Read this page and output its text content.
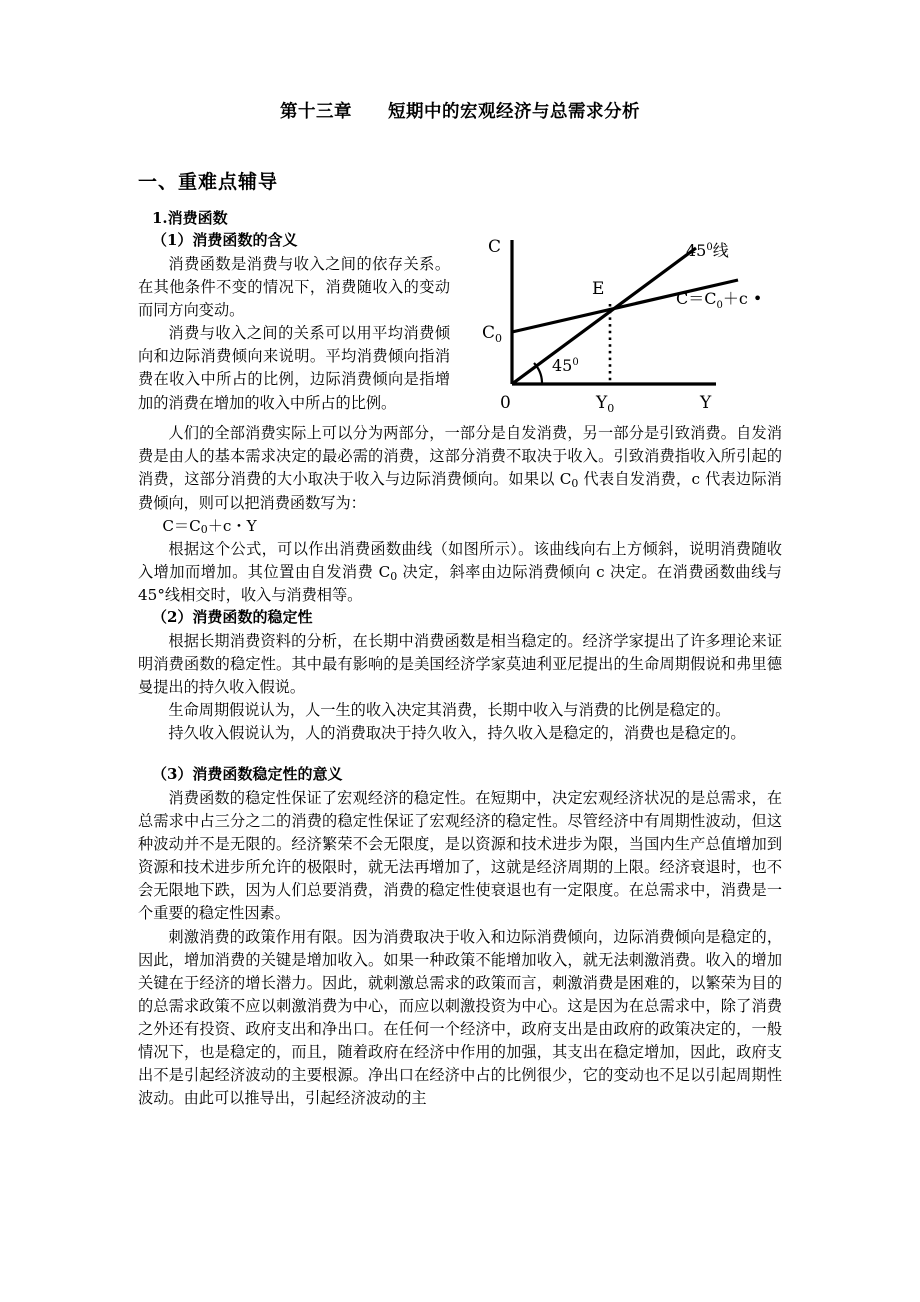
第十三章　　短期中的宏观经济与总需求分析
一、重难点辅导
1.消费函数
C
$C_0$
0	Y
$Y_0$
E
$45^0$
$45^0$线
$C=C_0+c$ •
（1）消费函数的含义

消费函数是消费与收入之间的依存关系。在其他条件不变的情况下，消费随收入的变动而同方向变动。

消费与收入之间的关系可以用平均消费倾向和边际消费倾向来说明。平均消费倾向指消费在收入中所占的比例，边际消费倾向是指增加的消费在增加的收入中所占的比例。

人们的全部消费实际上可以分为两部分，一部分是自发消费，另一部分是引致消费。自发消费是由人的基本需求决定的最必需的消费，这部分消费不取决于收入。引致消费指收入所引起的消费，这部分消费的大小取决于收入与边际消费倾向。如果以 $C_0$ 代表自发消费，c 代表边际消费倾向，则可以把消费函数写为：

$C=C_0+c$・Y

根据这个公式，可以作出消费函数曲线（如图所示）。该曲线向右上方倾斜，说明消费随收入增加而增加。其位置由自发消费 $C_0$ 决定，斜率由边际消费倾向 c 决定。在消费函数曲线与 45°线相交时，收入与消费相等。

（2）消费函数的稳定性

根据长期消费资料的分析，在长期中消费函数是相当稳定的。经济学家提出了许多理论来证明消费函数的稳定性。其中最有影响的是美国经济学家莫迪利亚尼提出的生命周期假说和弗里德曼提出的持久收入假说。

生命周期假说认为，人一生的收入决定其消费，长期中收入与消费的比例是稳定的。

持久收入假说认为，人的消费取决于持久收入，持久收入是稳定的，消费也是稳定的。

（3）消费函数稳定性的意义

消费函数的稳定性保证了宏观经济的稳定性。在短期中，决定宏观经济状况的是总需求，在总需求中占三分之二的消费的稳定性保证了宏观经济的稳定性。尽管经济中有周期性波动，但这种波动并不是无限的。经济繁荣不会无限度，是以资源和技术进步为限，当国内生产总值增加到资源和技术进步所允许的极限时，就无法再增加了，这就是经济周期的上限。经济衰退时，也不会无限地下跌，因为人们总要消费，消费的稳定性使衰退也有一定限度。在总需求中，消费是一个重要的稳定性因素。

刺激消费的政策作用有限。因为消费取决于收入和边际消费倾向，边际消费倾向是稳定的，因此，增加消费的关键是增加收入。如果一种政策不能增加收入，就无法刺激消费。收入的增加关键在于经济的增长潜力。因此，就刺激总需求的政策而言，刺激消费是困难的，以繁荣为目的的总需求政策不应以刺激消费为中心，而应以刺激投资为中心。这是因为在总需求中，除了消费之外还有投资、政府支出和净出口。在任何一个经济中，政府支出是由政府的政策决定的，一般情况下，也是稳定的，而且，随着政府在经济中作用的加强，其支出在稳定增加，因此，政府支出不是引起经济波动的主要根源。净出口在经济中占的比例很少，它的变动也不足以引起周期性波动。由此可以推导出，引起经济波动的主
